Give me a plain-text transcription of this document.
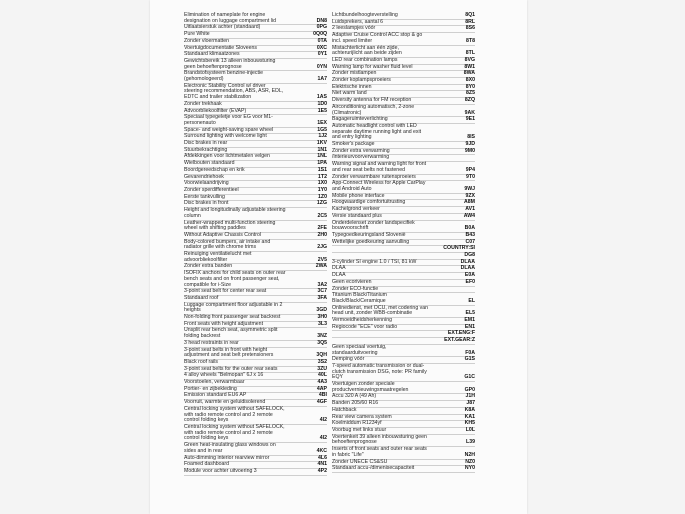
Elimination of nameplate for engine
designation on luggage compartment lid	DN8
Uitlaatsierstuk achter (standaard)	0PG
Pure White	0Q0Q
Zonder vloermatten	0TA
Voertuigdocumentatie Sloveens	0XC
Standaard klimaatzones	0Y1
Gewichtsbereik 13 alleen inbouwsturing
geen behoeftenprognose	0YN
Brandstofsysteem benzine-injectie
(gehomologeerd)	1A7
Electronic Stability Control w/ driver
steering recommendation, ABS, ASR, EDL,
EDTC and trailer stabilization	1AS
Zonder trekhaak	1D0
Advoorbliekoolfilter (EVAP)	1E5
Speciaal typegeletje voor EG voor M1-
personenauto	1EX
Space- and weight-saving spare wheel	1G5
Surround lighting with welcome light	1J2
Disc brakes in rear	1KV
Stuurbekrachtiging	1N1
Afdekkingen voor lichtmetalen velgen	1NL
Wielbouten standaard	1PA
Boordgereedschap en krik	1S1
Gevarendriehoek	1T2
Voorwielaandrijving	1X0
Zonder sperdifferentieel	1Y0
Eerste tankvulling	1Z0
Disc brakes in front	1ZG
Height and longitudinally adjustable steering
column	2C5
Leather-wrapped multi-function steering
wheel with shifting paddles	2FE
Without Adaptive Chassis Control	2H0
Body-colored bumpers, air intake and
radiator grille with chrome trims	2JG
Reinuiging ventilatielucht met
advoorbliekoolfilter	2V5
Zonder extra banden	2WA
ISOFIX anchors for child seats on outer rear
bench seats and on front passenger seat,
compatible for i-Size	3A2
3-point seat belt for center rear seat	3C7
Standaard roof	3FA
Luggage compartment floor adjustable in 2
heights	3GD
Non-folding front passenger seat backrest	3H0
Front seats with height adjustment	3L3
Unsplit rear bench seat, asymmetric split
folding backrest	3NZ
3 head restraints in rear	3Q5
3-point seat belts in front with height
adjustment and seat belt pretensioners	3QH
Black roof rails	3S2
3-point seat belts for the outer rear seats	3ZU
4 alloy wheels "Belmopan" 6J x 16	40L
Voorstoelen, verwarmbaar	4A3
Portier- en zijbekleding	4AP
Emission standard EU6 AP	4BI
Voorruit, warmte en geluidisolerend	4GF
Central locking system without SAFELOCK,
with radio remote control and 2 remote
control folding keys	4I2
Central locking system without SAFELOCK,
with radio remote control and 2 remote
control folding keys	4I2
Green heat-insulating glass windows on
sides and in rear	4KC
Auto-dimming interior rearview mirror	4L6
Foamed dashboard	4N1
Module voor achter uitvoering 3	4P2
Lichtbundelhoogteverstelling	8Q1
Luidsprekers, aantal 6	8RL
2 leeslampjes vóór	8S6
Adaptive Cruise Control ACC stop & go
incl. speed limiter	8T8
Mistachterlicht aan één zijde,
achterurijlicht aan beide zijden	8TL
LED rear combination lamps	8VG
Warning lamp for washer fluid level	8W1
Zonder mistlampen	8WA
Zonder koplampsproeiers	8X0
Elektrische innen	8Y0
Niet warm land	8Z5
Diversity antenna for FM reception	8ZQ
Airconditioning automatisch, 2-zone
(Climatronic)	9AK
Bagageruimteverlichting	9E1
Automatic headlight control with LED
separate daytime running light and exit
and entry lighting	8IS
Smoker's package	9JD
Zonder extra verwarming	9M0
/interieurvoorverwarming
Warning signal and warning light for front
and rear seat belts not fastened	9P4
Zonder verwarmbare ruitensproeiers	9T0
App-Connect Wireless for Apple CarPlay
and Android Auto	9WJ
Mobile phone interface	9ZX
Hoogwaardige comfortuitrusting	A8M
Kachelgrond verkeer	AV1
Versie standaard plus	AW4
Onderdelenset zonder landspecifiek
bouwvoorschrift	B0A
Typegoedkeuringsland Sloveniё	B43
Wettelijke goedkeuring aanvulling	C07
COUNTRY:SI
DG8
3-cylinder SI engine 1.0 / TSI, 81 kW	DLAA
DLAA	DLAA
DLAA	E0A
Geen ecorivieren	EF0
Zonder ECO-functie
Titanium Black/Titanium
Black/Black/Ceramique	EL
Onlinedienst, met OCU, met codering van
head unit, zonder WBB-combinatie	EL5
Vermoeidheidsherkenning	EM1
Regiocode "ECE" voor radio	EN1
EXT.ENG:F
EXT.GEAR:Z
Geen speciaal voertuig,
standaarduitvoering	F0A
Demping vóór	G1S
7-speed automatic transmission or dual-
clutch transmission DSG, note: PR family
EQY	G1C
Voertuigen zonder speciale
productvernieuwingsmaatregelen	GP0
Accu 320 A (49 Ah)	J1H
Banden 205/60 R16	J87
Hatchback	K8A
Rear view camera system	KA1
Koelmiddum R1234yf	KH5
Voorbug met links stuur	L0L
Voertenkeit 39 alleen inbouwsturing geen
behoeftenprognose	L39
Inserts of front seats and outer rear seats
in fabric "Life"	N2H
Zonder UNECE CS&SU	NZ0
Standaard accu-/dimenisecapaciteit	NY0
